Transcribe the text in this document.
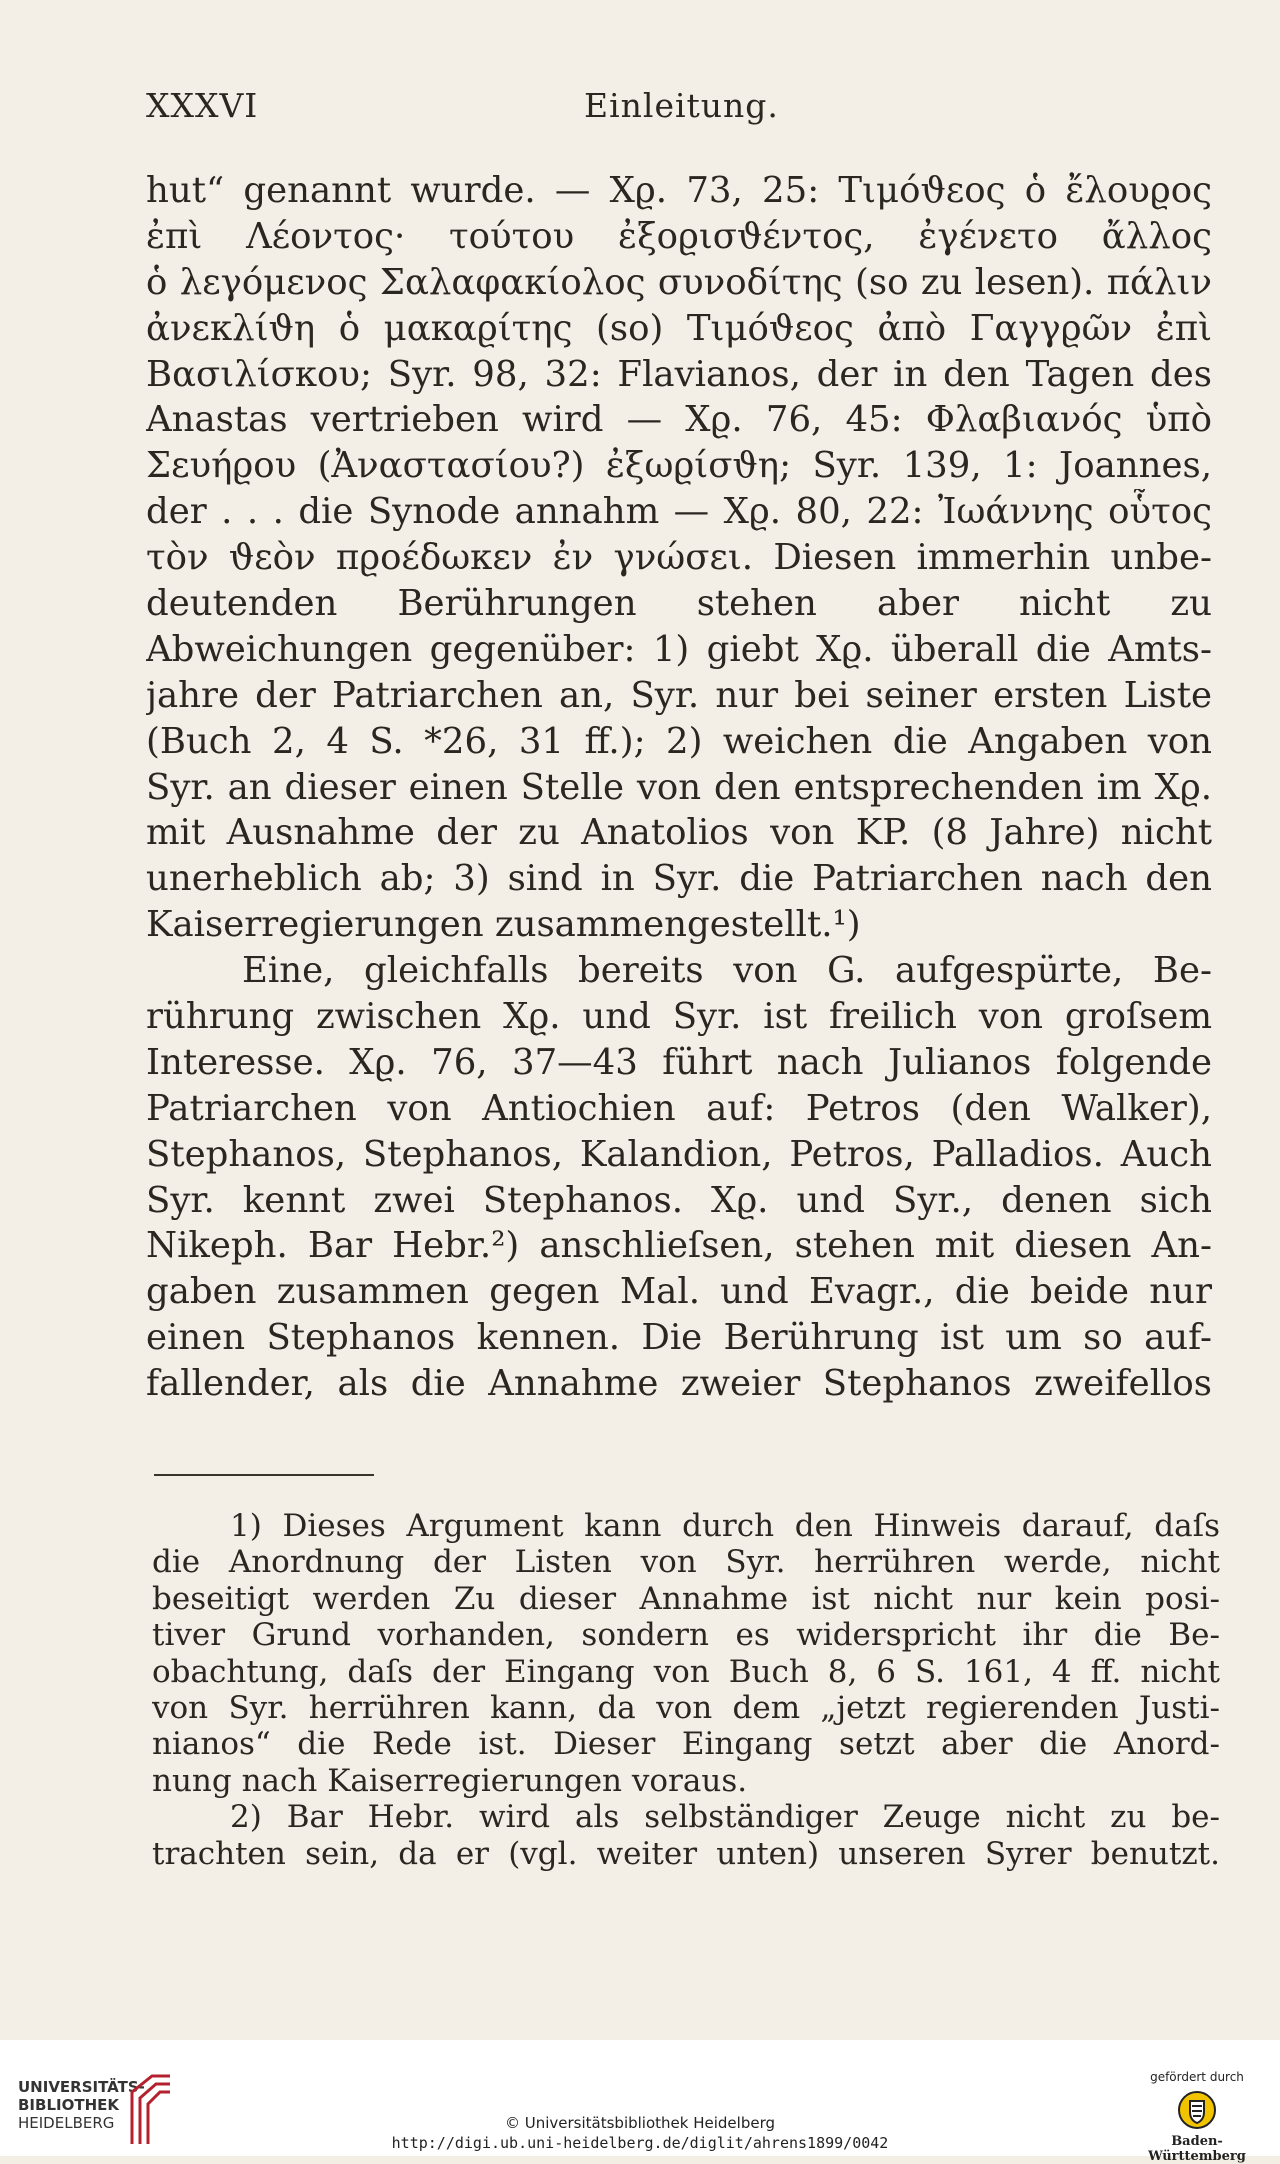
XXXVI	Einleitung.
hut“ genannt wurde. — Χϱ. 73, 25: Τιμόϑεος ὁ ἔλουϱος
ἐπὶ Λέοντος· τούτου ἐξοϱισϑέντος, ἐγένετο ἄλλος
ὁ λεγόμενος Σαλαφακίολος συνοδίτης (so zu lesen). πάλιν
ἀνεκλίϑη ὁ μακαϱίτης (so) Τιμόϑεος ἀπὸ Γαγγϱῶν ἐπὶ
Βασιλίσκου; Syr. 98, 32: Flavianos, der in den Tagen des
Anastas vertrieben wird — Χϱ. 76, 45: Φλαβιανός ὑπὸ
Σευήϱου (Ἀναστασίου?) ἐξωϱίσϑη; Syr. 139, 1: Joannes,
der . . . die Synode annahm — Χϱ. 80, 22: Ἰωάννης οὗτος
τὸν ϑεὸν πϱοέδωκεν ἐν γνώσει. Diesen immerhin unbe-
deutenden Berührungen stehen aber nicht zu
Abweichungen gegenüber: 1) giebt Χϱ. überall die Amts-
jahre der Patriarchen an, Syr. nur bei seiner ersten Liste
(Buch 2, 4 S. *26, 31 ff.); 2) weichen die Angaben von
Syr. an dieser einen Stelle von den entsprechenden im Χϱ.
mit Ausnahme der zu Anatolios von KP. (8 Jahre) nicht
unerheblich ab; 3) sind in Syr. die Patriarchen nach den
Kaiserregierungen zusammengestellt.¹)
Eine, gleichfalls bereits von G. aufgespürte, Be-
rührung zwischen Χϱ. und Syr. ist freilich von groſsem
Interesse. Χϱ. 76, 37—43 führt nach Julianos folgende
Patriarchen von Antiochien auf: Petros (den Walker),
Stephanos, Stephanos, Kalandion, Petros, Palladios. Auch
Syr. kennt zwei Stephanos. Χϱ. und Syr., denen sich
Nikeph. Bar Hebr.²) anschlieſsen, stehen mit diesen An-
gaben zusammen gegen Mal. und Evagr., die beide nur
einen Stephanos kennen. Die Berührung ist um so auf-
fallender, als die Annahme zweier Stephanos zweifellos
1) Dieses Argument kann durch den Hinweis darauf, daſs
die Anordnung der Listen von Syr. herrühren werde, nicht
beseitigt werden Zu dieser Annahme ist nicht nur kein posi-
tiver Grund vorhanden, sondern es widerspricht ihr die Be-
obachtung, daſs der Eingang von Buch 8, 6 S. 161, 4 ff. nicht
von Syr. herrühren kann, da von dem „jetzt regierenden Justi-
nianos“ die Rede ist. Dieser Eingang setzt aber die Anord-
nung nach Kaiserregierungen voraus.
2) Bar Hebr. wird als selbständiger Zeuge nicht zu be-
trachten sein, da er (vgl. weiter unten) unseren Syrer benutzt.
UNIVERSITÄTS-
BIBLIOTHEK
HEIDELBERG	© Universitätsbibliothek Heidelberg
http://digi.ub.uni-heidelberg.de/diglit/ahrens1899/0042
gefördert durch
Baden-Württemberg
